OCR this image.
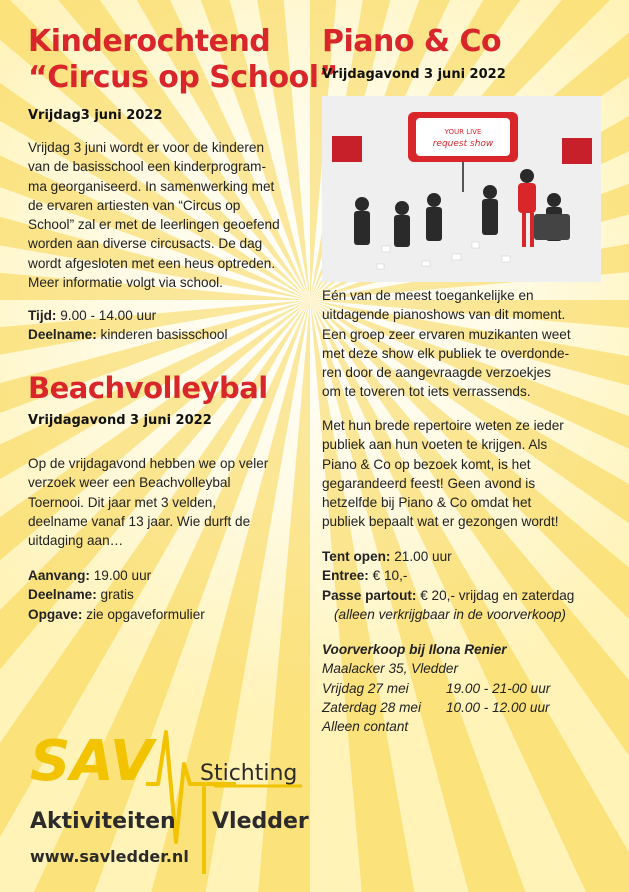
Kinderochtend
“Circus op School”
Vrijdag3 juni 2022
Vrijdag 3 juni wordt er voor de kinderen
van de basisschool een kinderprogram-
ma georganiseerd. In samenwerking met
de ervaren artiesten van “Circus op
School” zal er met de leerlingen geoefend
worden aan diverse circusacts. De dag
wordt afgesloten met een heus optreden.
Meer informatie volgt via school.
Tijd: 9.00 - 14.00 uur
Deelname: kinderen basisschool
Beachvolleybal
Vrijdagavond 3 juni 2022
Op de vrijdagavond hebben we op veler
verzoek weer een Beachvolleybal
Toernooi. Dit jaar met 3 velden,
deelname vanaf 13 jaar. Wie durft de
uitdaging aan…
Aanvang: 19.00 uur
Deelname: gratis
Opgave: zie opgaveformulier
Piano & Co
Vrijdagavond 3 juni 2022
YOUR LIVE
request show
Eén van de meest toegankelijke en
uitdagende pianoshows van dit moment.
Een groep zeer ervaren muzikanten weet
met deze show elk publiek te overdonde-
ren door de aangevraagde verzoekjes
om te toveren tot iets verrassends.
Met hun brede repertoire weten ze ieder
publiek aan hun voeten te krijgen. Als
Piano & Co op bezoek komt, is het
gegarandeerd feest! Geen avond is
hetzelfde bij Piano & Co omdat het
publiek bepaalt wat er gezongen wordt!
Tent open: 21.00 uur
Entree: € 10,-
Passe partout: € 20,- vrijdag en zaterdag
(alleen verkrijgbaar in de voorverkoop)
Voorverkoop bij Ilona Renier
Maalacker 35, Vledder
Vrijdag 27 mei	19.00 - 21-00 uur
Zaterdag 28 mei 10.00 - 12.00 uur
Alleen contant
SAV Stichting
Aktiviteiten Vledder
www.savledder.nl
